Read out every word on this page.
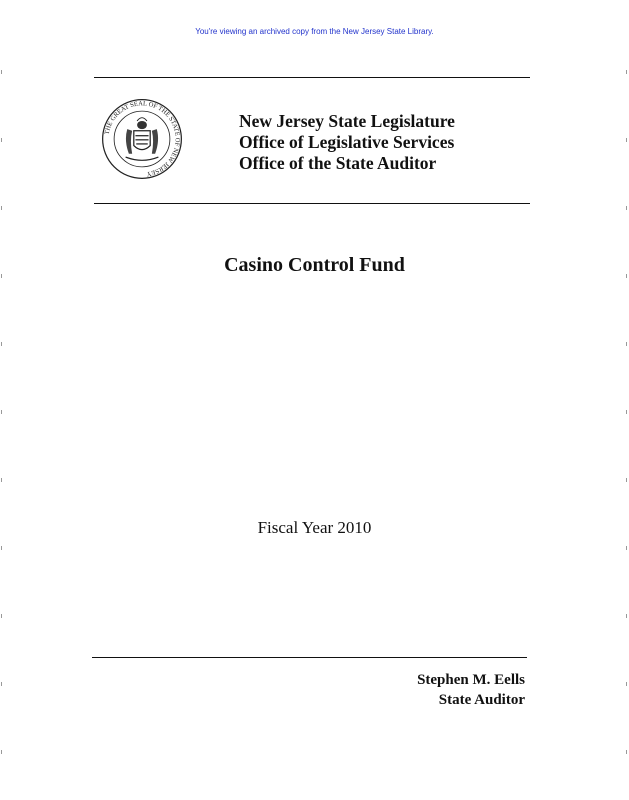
You're viewing an archived copy from the New Jersey State Library.
THE GREAT SEAL OF THE STATE OF NEW JERSEY
New Jersey State Legislature
Office of Legislative Services
Office of the State Auditor
Casino Control Fund
Fiscal Year 2010
Stephen M. Eells
State Auditor
